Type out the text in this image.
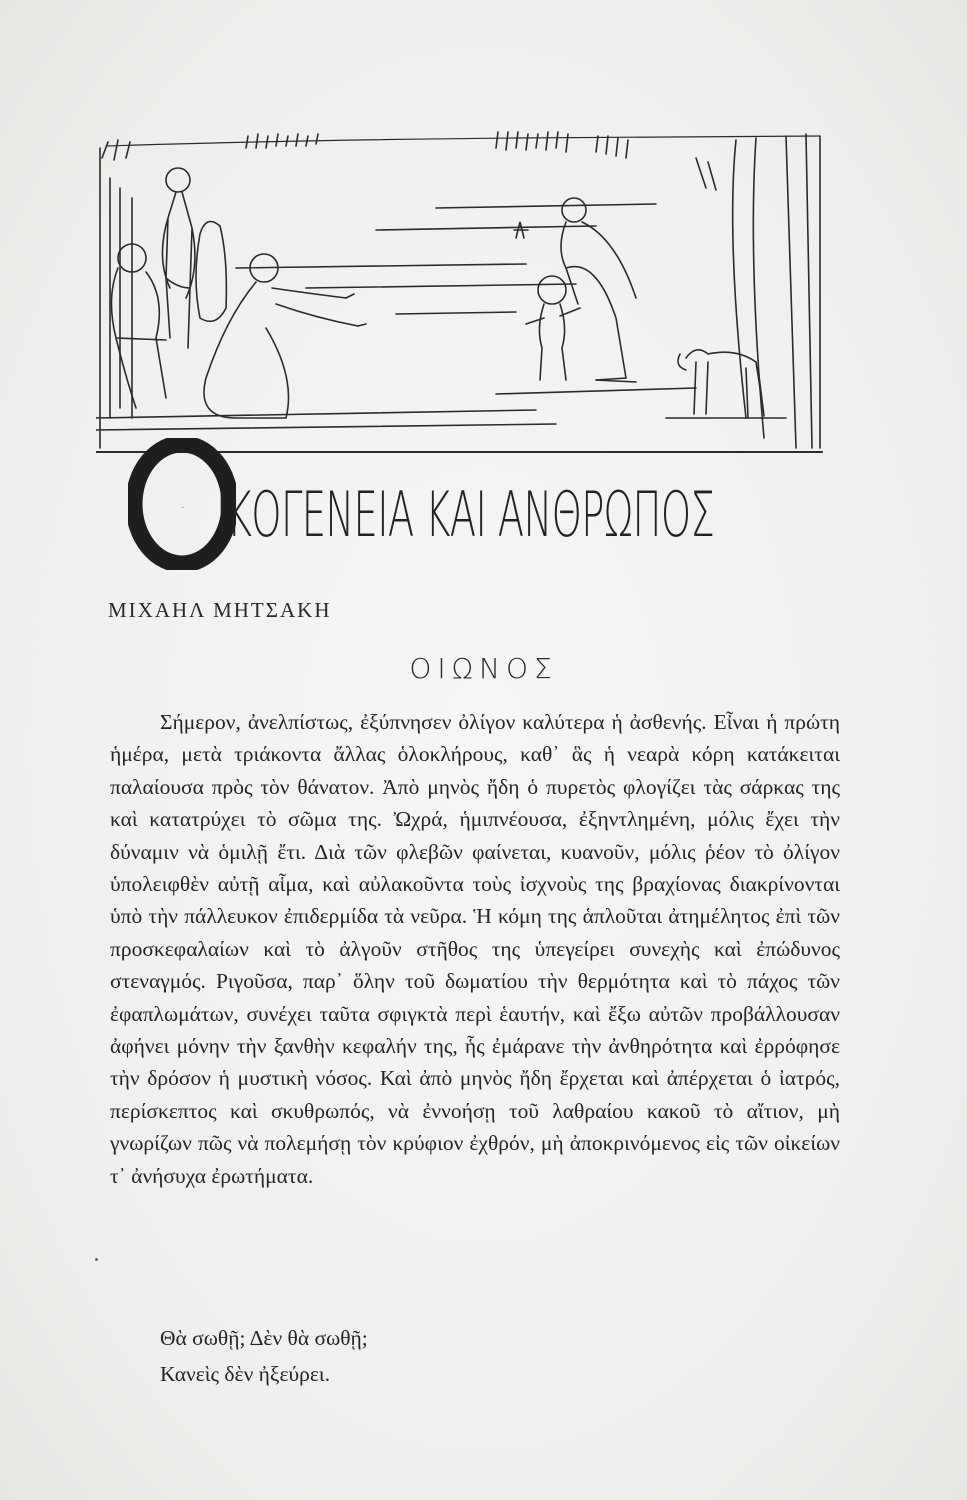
Ο ΙΚΟΓΕΝΕΙΑ ΚΑΙ ΑΝΘΡΩΠΟΣ
ΜΙΧΑΗΛ ΜΗΤΣΑΚΗ
ΟΙΩΝΟΣ

Σήμερον, ἀνελπίστως, ἐξύπνησεν ὀλίγον καλύτερα ἡ ἀσθενής. Εἶναι ἡ πρώτη ἡμέρα, μετὰ τριάκοντα ἄλλας ὁλοκλήρους, καθ᾿ ἃς ἡ νεαρὰ κόρη κατάκειται παλαίουσα πρὸς τὸν θάνατον. Ἀπὸ μηνὸς ἤδη ὁ πυρετὸς φλογίζει τὰς σάρκας της καὶ κατατρύχει τὸ σῶμα της. Ὠχρά, ἡμιπνέουσα, ἐξηντλημένη, μόλις ἔχει τὴν δύναμιν νὰ ὁμιλῇ ἔτι. Διὰ τῶν φλεβῶν φαίνεται, κυανοῦν, μόλις ῥέον τὸ ὀλίγον ὑπολειφθὲν αὐτῇ αἷμα, καὶ αὐλακοῦντα τοὺς ἰσχνοὺς της βραχίονας διακρίνονται ὑπὸ τὴν πάλλευκον ἐπιδερμίδα τὰ νεῦρα. Ἡ κόμη της ἁπλοῦται ἀτημέλητος ἐπὶ τῶν προσκεφαλαίων καὶ τὸ ἀλγοῦν στῆθος της ὑπεγείρει συνεχὴς καὶ ἐπώδυνος στεναγμός. Ριγοῦσα, παρ᾿ ὅλην τοῦ δωματίου τὴν θερμότητα καὶ τὸ πάχος τῶν ἐφαπλωμάτων, συνέχει ταῦτα σφιγκτὰ περὶ ἑαυτήν, καὶ ἔξω αὐτῶν προβάλλουσαν ἀφήνει μόνην τὴν ξανθὴν κεφαλήν της, ἧς ἐμάρανε τὴν ἀνθηρότητα καὶ ἐρρόφησε τὴν δρόσον ἡ μυστικὴ νόσος. Καὶ ἀπὸ μηνὸς ἤδη ἔρχεται καὶ ἀπέρχεται ὁ ἰατρός, περίσκεπτος καὶ σκυθρωπός, νὰ ἐννοήσῃ τοῦ λαθραίου κακοῦ τὸ αἴτιον, μὴ γνωρίζων πῶς νὰ πολεμήσῃ τὸν κρύφιον ἐχθρόν, μὴ ἀποκρινόμενος εἰς τῶν οἰκείων τ᾿ ἀνήσυχα ἐρωτήματα.

Θὰ σωθῇ; Δὲν θὰ σωθῇ;
Κανεὶς δὲν ἠξεύρει.
